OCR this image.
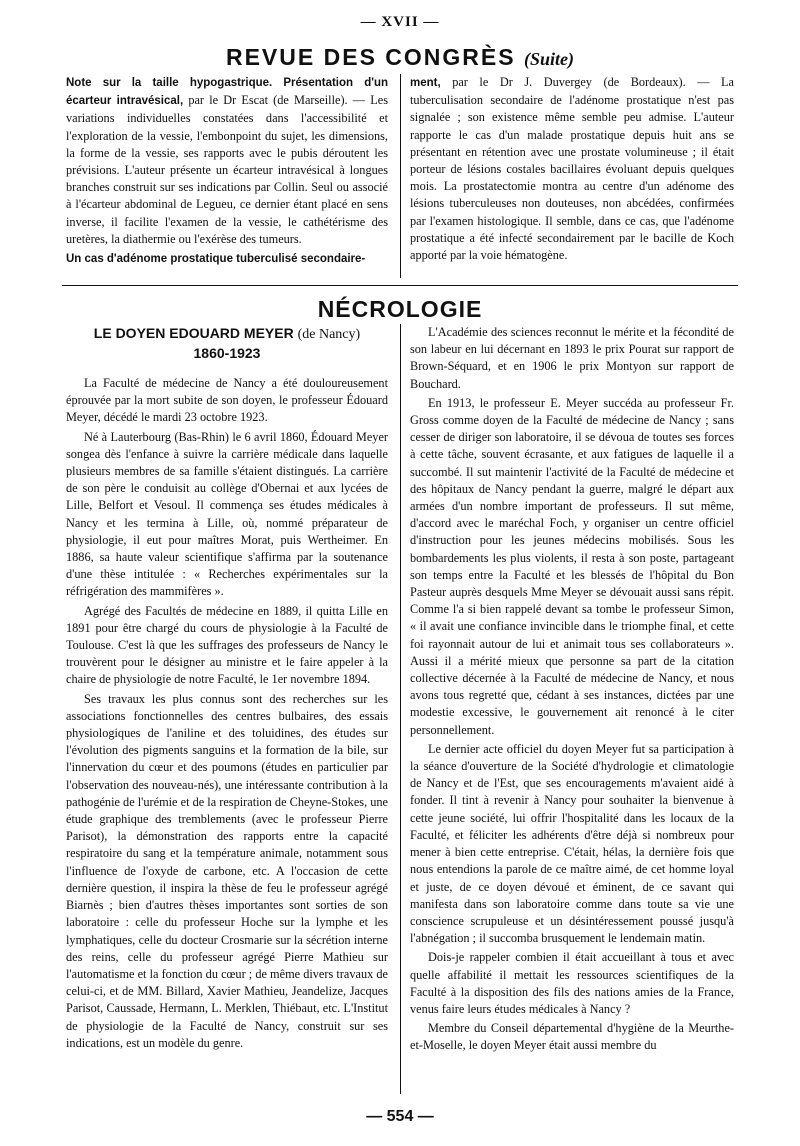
— XVII —
REVUE DES CONGRÈS (Suite)

Note sur la taille hypogastrique. Présentation d'un écarteur intravésical, par le Dr Escat (de Marseille). — Les variations individuelles constatées dans l'accessibilité et l'exploration de la vessie, l'embonpoint du sujet, les dimensions, la forme de la vessie, ses rapports avec le pubis déroutent les prévisions. L'auteur présente un écarteur intravésical à longues branches construit sur ses indications par Collin. Seul ou associé à l'écarteur abdominal de Legueu, ce dernier étant placé en sens inverse, il facilite l'examen de la vessie, le cathétérisme des uretères, la diathermie ou l'exérèse des tumeurs.

Un cas d'adénome prostatique tuberculisé secondaire-

ment, par le Dr J. Duvergey (de Bordeaux). — La tuberculisation secondaire de l'adénome prostatique n'est pas signalée ; son existence même semble peu admise. L'auteur rapporte le cas d'un malade prostatique depuis huit ans se présentant en rétention avec une prostate volumineuse ; il était porteur de lésions costales bacillaires évoluant depuis quelques mois. La prostatectomie montra au centre d'un adénome des lésions tuberculeuses non douteuses, non abcédées, confirmées par l'examen histologique. Il semble, dans ce cas, que l'adénome prostatique a été infecté secondairement par le bacille de Koch apporté par la voie hématogène.

NÉCROLOGIE
LE DOYEN EDOUARD MEYER (de Nancy)
1860-1923

La Faculté de médecine de Nancy a été douloureusement éprouvée par la mort subite de son doyen, le professeur Édouard Meyer, décédé le mardi 23 octobre 1923.

Né à Lauterbourg (Bas-Rhin) le 6 avril 1860, Édouard Meyer songea dès l'enfance à suivre la carrière médicale dans laquelle plusieurs membres de sa famille s'étaient distingués. La carrière de son père le conduisit au collège d'Obernai et aux lycées de Lille, Belfort et Vesoul. Il commença ses études médicales à Nancy et les termina à Lille, où, nommé préparateur de physiologie, il eut pour maîtres Morat, puis Wertheimer. En 1886, sa haute valeur scientifique s'affirma par la soutenance d'une thèse intitulée : « Recherches expérimentales sur la réfrigération des mammifères ».

Agrégé des Facultés de médecine en 1889, il quitta Lille en 1891 pour être chargé du cours de physiologie à la Faculté de Toulouse. C'est là que les suffrages des professeurs de Nancy le trouvèrent pour le désigner au ministre et le faire appeler à la chaire de physiologie de notre Faculté, le 1er novembre 1894.

Ses travaux les plus connus sont des recherches sur les associations fonctionnelles des centres bulbaires, des essais physiologiques de l'aniline et des toluidines, des études sur l'évolution des pigments sanguins et la formation de la bile, sur l'innervation du cœur et des poumons (études en particulier par l'observation des nouveau-nés), une intéressante contribution à la pathogénie de l'urémie et de la respiration de Cheyne-Stokes, une étude graphique des tremblements (avec le professeur Pierre Parisot), la démonstration des rapports entre la capacité respiratoire du sang et la température animale, notamment sous l'influence de l'oxyde de carbone, etc. A l'occasion de cette dernière question, il inspira la thèse de feu le professeur agrégé Biarnès ; bien d'autres thèses importantes sont sorties de son laboratoire : celle du professeur Hoche sur la lymphe et les lymphatiques, celle du docteur Crosmarie sur la sécrétion interne des reins, celle du professeur agrégé Pierre Mathieu sur l'automatisme et la fonction du cœur ; de même divers travaux de celui-ci, et de MM. Billard, Xavier Mathieu, Jeandelize, Jacques Parisot, Caussade, Hermann, L. Merklen, Thiébaut, etc. L'Institut de physiologie de la Faculté de Nancy, construit sur ses indications, est un modèle du genre.

L'Académie des sciences reconnut le mérite et la fécondité de son labeur en lui décernant en 1893 le prix Pourat sur rapport de Brown-Séquard, et en 1906 le prix Montyon sur rapport de Bouchard.

En 1913, le professeur E. Meyer succéda au professeur Fr. Gross comme doyen de la Faculté de médecine de Nancy ; sans cesser de diriger son laboratoire, il se dévoua de toutes ses forces à cette tâche, souvent écrasante, et aux fatigues de laquelle il a succombé. Il sut maintenir l'activité de la Faculté de médecine et des hôpitaux de Nancy pendant la guerre, malgré le départ aux armées d'un nombre important de professeurs. Il sut même, d'accord avec le maréchal Foch, y organiser un centre officiel d'instruction pour les jeunes médecins mobilisés. Sous les bombardements les plus violents, il resta à son poste, partageant son temps entre la Faculté et les blessés de l'hôpital du Bon Pasteur auprès desquels Mme Meyer se dévouait aussi sans répit. Comme l'a si bien rappelé devant sa tombe le professeur Simon, « il avait une confiance invincible dans le triomphe final, et cette foi rayonnait autour de lui et animait tous ses collaborateurs ». Aussi il a mérité mieux que personne sa part de la citation collective décernée à la Faculté de médecine de Nancy, et nous avons tous regretté que, cédant à ses instances, dictées par une modestie excessive, le gouvernement ait renoncé à le citer personnellement.

Le dernier acte officiel du doyen Meyer fut sa participation à la séance d'ouverture de la Société d'hydrologie et climatologie de Nancy et de l'Est, que ses encouragements m'avaient aidé à fonder. Il tint à revenir à Nancy pour souhaiter la bienvenue à cette jeune société, lui offrir l'hospitalité dans les locaux de la Faculté, et féliciter les adhérents d'être déjà si nombreux pour mener à bien cette entreprise. C'était, hélas, la dernière fois que nous entendions la parole de ce maître aimé, de cet homme loyal et juste, de ce doyen dévoué et éminent, de ce savant qui manifesta dans son laboratoire comme dans toute sa vie une conscience scrupuleuse et un désintéressement poussé jusqu'à l'abnégation ; il succomba brusquement le lendemain matin.

Dois-je rappeler combien il était accueillant à tous et avec quelle affabilité il mettait les ressources scientifiques de la Faculté à la disposition des fils des nations amies de la France, venus faire leurs études médicales à Nancy ?

Membre du Conseil départemental d'hygiène de la Meurthe-et-Moselle, le doyen Meyer était aussi membre du

— 554 —
